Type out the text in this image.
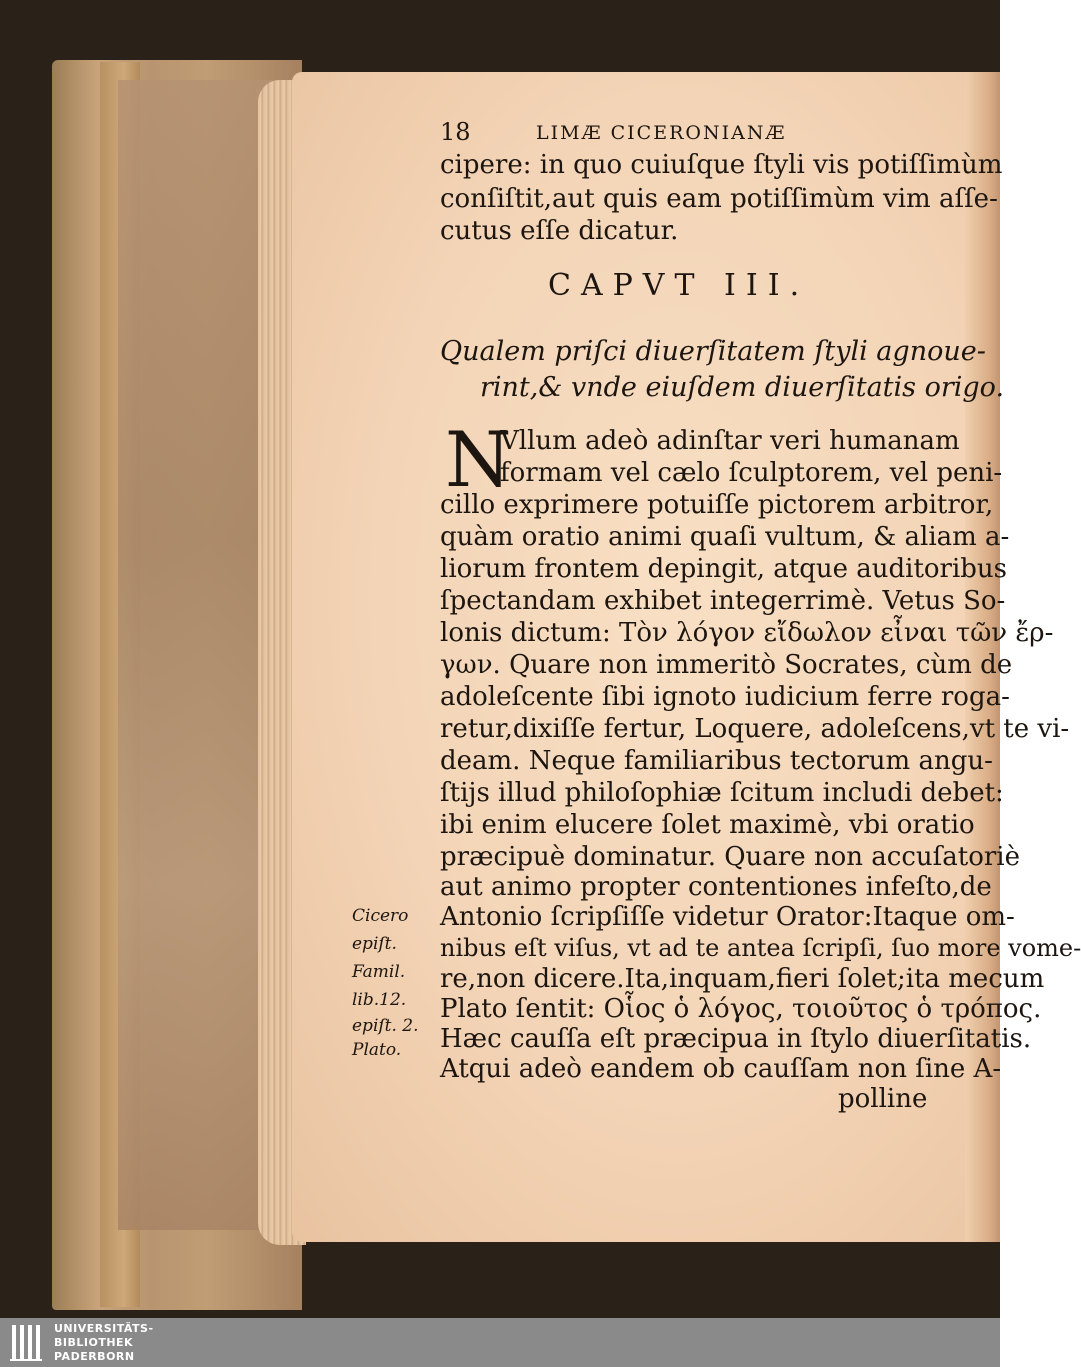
18	LIMÆ CICERONIANÆ
cipere: in quo cuiuſque ſtyli vis potiſſimùm
conſiſtit,aut quis eam potiſſimùm vim aſſe-
cutus eſſe dicatur.
CAPVT III.
Qualem priſci diuerſitatem ſtyli agnoue-
rint,& vnde eiuſdem diuerſitatis origo.
N
Vllum adeò adinſtar veri humanam
formam vel cælo ſculptorem, vel peni-
cillo exprimere potuiſſe pictorem arbitror,
quàm oratio animi quaſi vultum, & aliam a-
liorum frontem depingit, atque auditoribus
ſpectandam exhibet integerrimè. Vetus So-
lonis dictum: Τὸν λόγον εἴδωλον εἶναι τῶν ἔρ-
γων. Quare non immeritò Socrates, cùm de
adoleſcente ſibi ignoto iudicium ferre roga-
retur,dixiſſe fertur, Loquere, adoleſcens,vt te vi-
deam. Neque familiaribus tectorum angu-
ſtijs illud philoſophiæ ſcitum includi debet:
ibi enim elucere ſolet maximè, vbi oratio
præcipuè dominatur. Quare non accuſatoriè
aut animo propter contentiones infeſto,de
Antonio ſcripſiſſe videtur Orator:Itaque om-
nibus eſt viſus, vt ad te antea ſcripſi, ſuo more vome-
re,non dicere.Ita,inquam,fieri ſolet;ita mecum
Plato ſentit: Οἷος ὁ λόγος, τοιοῦτος ὁ τρόπος.
Hæc cauſſa eſt præcipua in ſtylo diuerſitatis.
Atqui adeò eandem ob cauſſam non ſine A-
polline
Cicero
epiſt.
Famil.
lib.12.
epiſt. 2.
Plato.
UNIVERSITÄTS-
BIBLIOTHEK
PADERBORN
